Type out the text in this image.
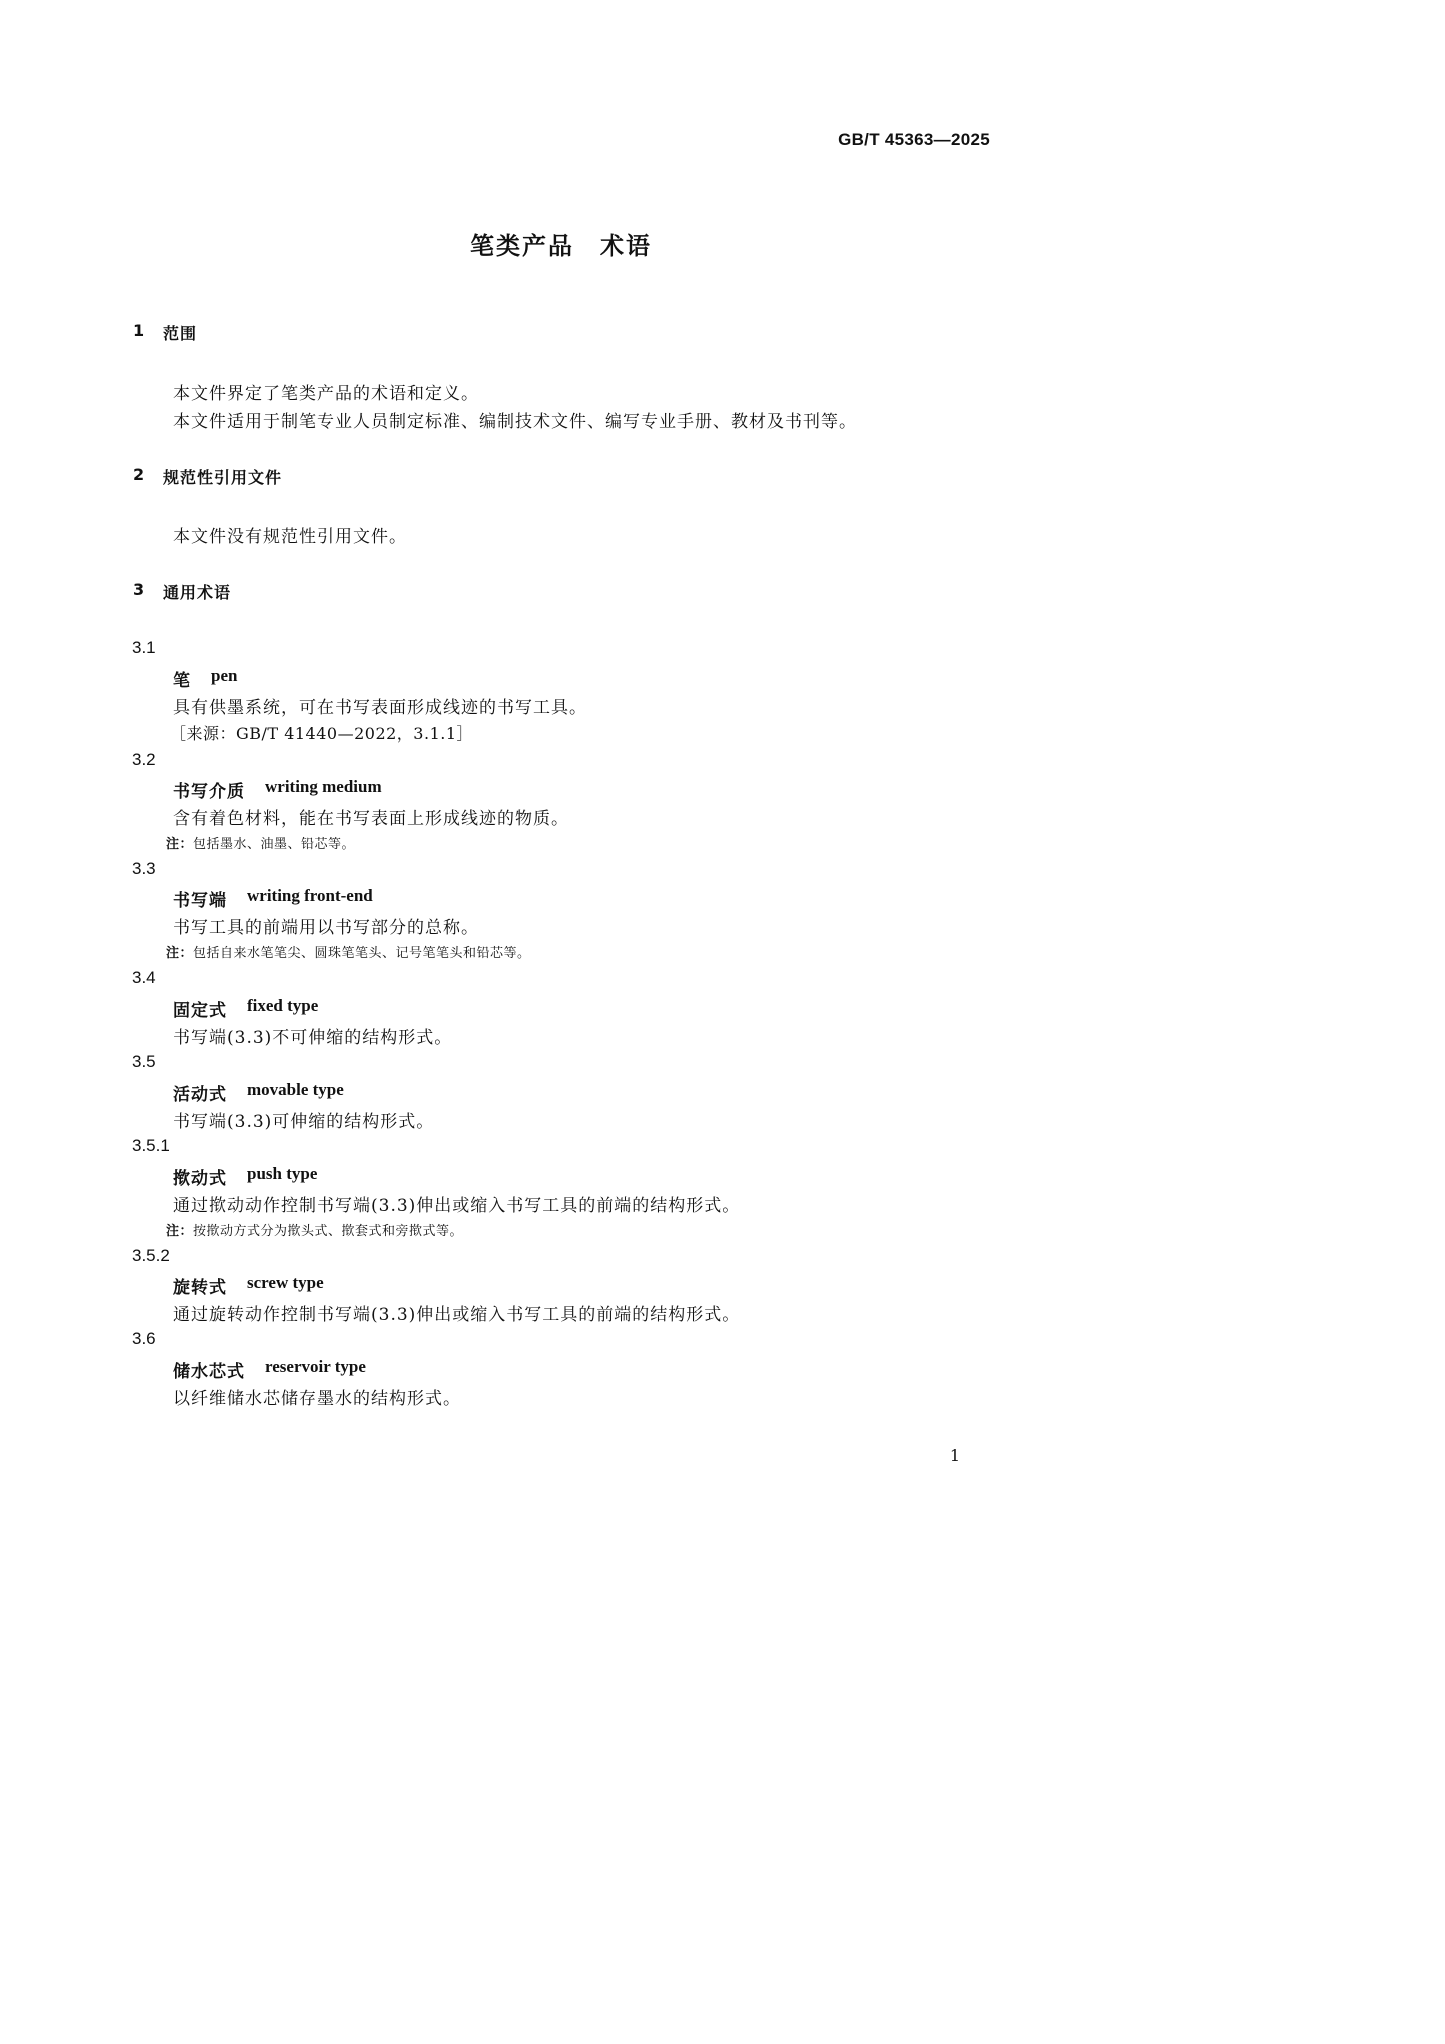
GB/T 45363—2025
笔类产品　术语
1	范围
本文件界定了笔类产品的术语和定义。
本文件适用于制笔专业人员制定标准、编制技术文件、编写专业手册、教材及书刊等。
2	规范性引用文件
本文件没有规范性引用文件。
3	通用术语
3.1
笔 pen
具有供墨系统，可在书写表面形成线迹的书写工具。
［来源：GB/T 41440—2022，3.1.1］
3.2
书写介质 writing medium
含有着色材料，能在书写表面上形成线迹的物质。
注： 包括墨水、油墨、铅芯等。
3.3
书写端 writing front-end
书写工具的前端用以书写部分的总称。
注： 包括自来水笔笔尖、圆珠笔笔头、记号笔笔头和铅芯等。
3.4
固定式 fixed type
书写端(3.3)不可伸缩的结构形式。
3.5
活动式 movable type
书写端(3.3)可伸缩的结构形式。
3.5.1
揿动式 push type
通过揿动动作控制书写端(3.3)伸出或缩入书写工具的前端的结构形式。
注： 按揿动方式分为揿头式、揿套式和旁揿式等。
3.5.2
旋转式 screw type
通过旋转动作控制书写端(3.3)伸出或缩入书写工具的前端的结构形式。
3.6
储水芯式 reservoir type
以纤维储水芯储存墨水的结构形式。
1
